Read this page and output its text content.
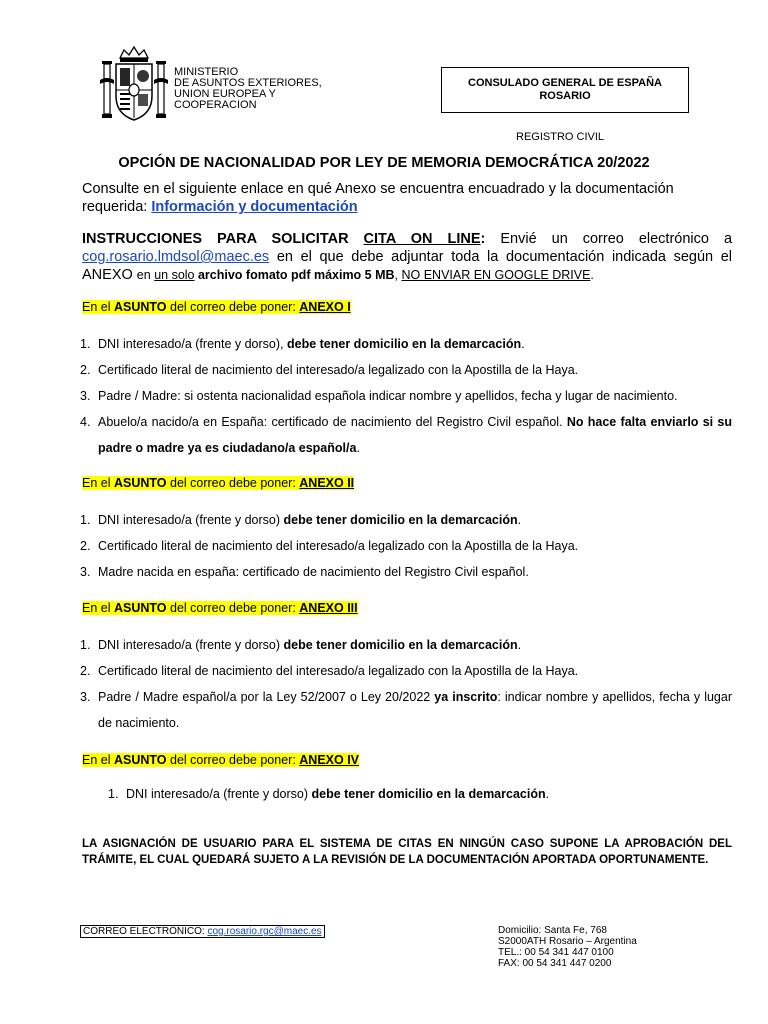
MINISTERIO
DE ASUNTOS EXTERIORES,
UNION EUROPEA Y
COOPERACION
CONSULADO GENERAL DE ESPAÑA
ROSARIO
REGISTRO CIVIL
OPCIÓN DE NACIONALIDAD POR LEY DE MEMORIA DEMOCRÁTICA 20/2022
Consulte en el siguiente enlace en qué Anexo se encuentra encuadrado y la documentación requerida: Información y documentación
INSTRUCCIONES PARA SOLICITAR CITA ON LINE: Envié un correo electrónico a cog.rosario.lmdsol@maec.es en el que debe adjuntar toda la documentación indicada según el ANEXO en un solo archivo fomato pdf máximo 5 MB, NO ENVIAR EN GOOGLE DRIVE.
En el ASUNTO del correo debe poner: ANEXO I
1. DNI interesado/a (frente y dorso), debe tener domicilio en la demarcación.
2. Certificado literal de nacimiento del interesado/a legalizado con la Apostilla de la Haya.
3. Padre / Madre: si ostenta nacionalidad española indicar nombre y apellidos, fecha y lugar de nacimiento.
4. Abuelo/a nacido/a en España: certificado de nacimiento del Registro Civil español. No hace falta enviarlo si su padre o madre ya es ciudadano/a español/a.
En el ASUNTO del correo debe poner: ANEXO II
1. DNI interesado/a (frente y dorso) debe tener domicilio en la demarcación.
2. Certificado literal de nacimiento del interesado/a legalizado con la Apostilla de la Haya.
3. Madre nacida en españa: certificado de nacimiento del Registro Civil español.
En el ASUNTO del correo debe poner: ANEXO III
1. DNI interesado/a (frente y dorso) debe tener domicilio en la demarcación.
2. Certificado literal de nacimiento del interesado/a legalizado con la Apostilla de la Haya.
3. Padre / Madre español/a por la Ley 52/2007 o Ley 20/2022 ya inscrito: indicar nombre y apellidos, fecha y lugar de nacimiento.
En el ASUNTO del correo debe poner: ANEXO IV
1. DNI interesado/a (frente y dorso) debe tener domicilio en la demarcación.
LA ASIGNACIÓN DE USUARIO PARA EL SISTEMA DE CITAS EN NINGÚN CASO SUPONE LA APROBACIÓN DEL TRÁMITE, EL CUAL QUEDARÁ SUJETO A LA REVISIÓN DE LA DOCUMENTACIÓN APORTADA OPORTUNAMENTE.
CORREO ELECTRÓNICO: cog.rosario.rgc@maec.es	Domicilio: Santa Fe, 768
S2000ATH Rosario – Argentina
TEL.: 00 54 341 447 0100
FAX: 00 54 341 447 0200
